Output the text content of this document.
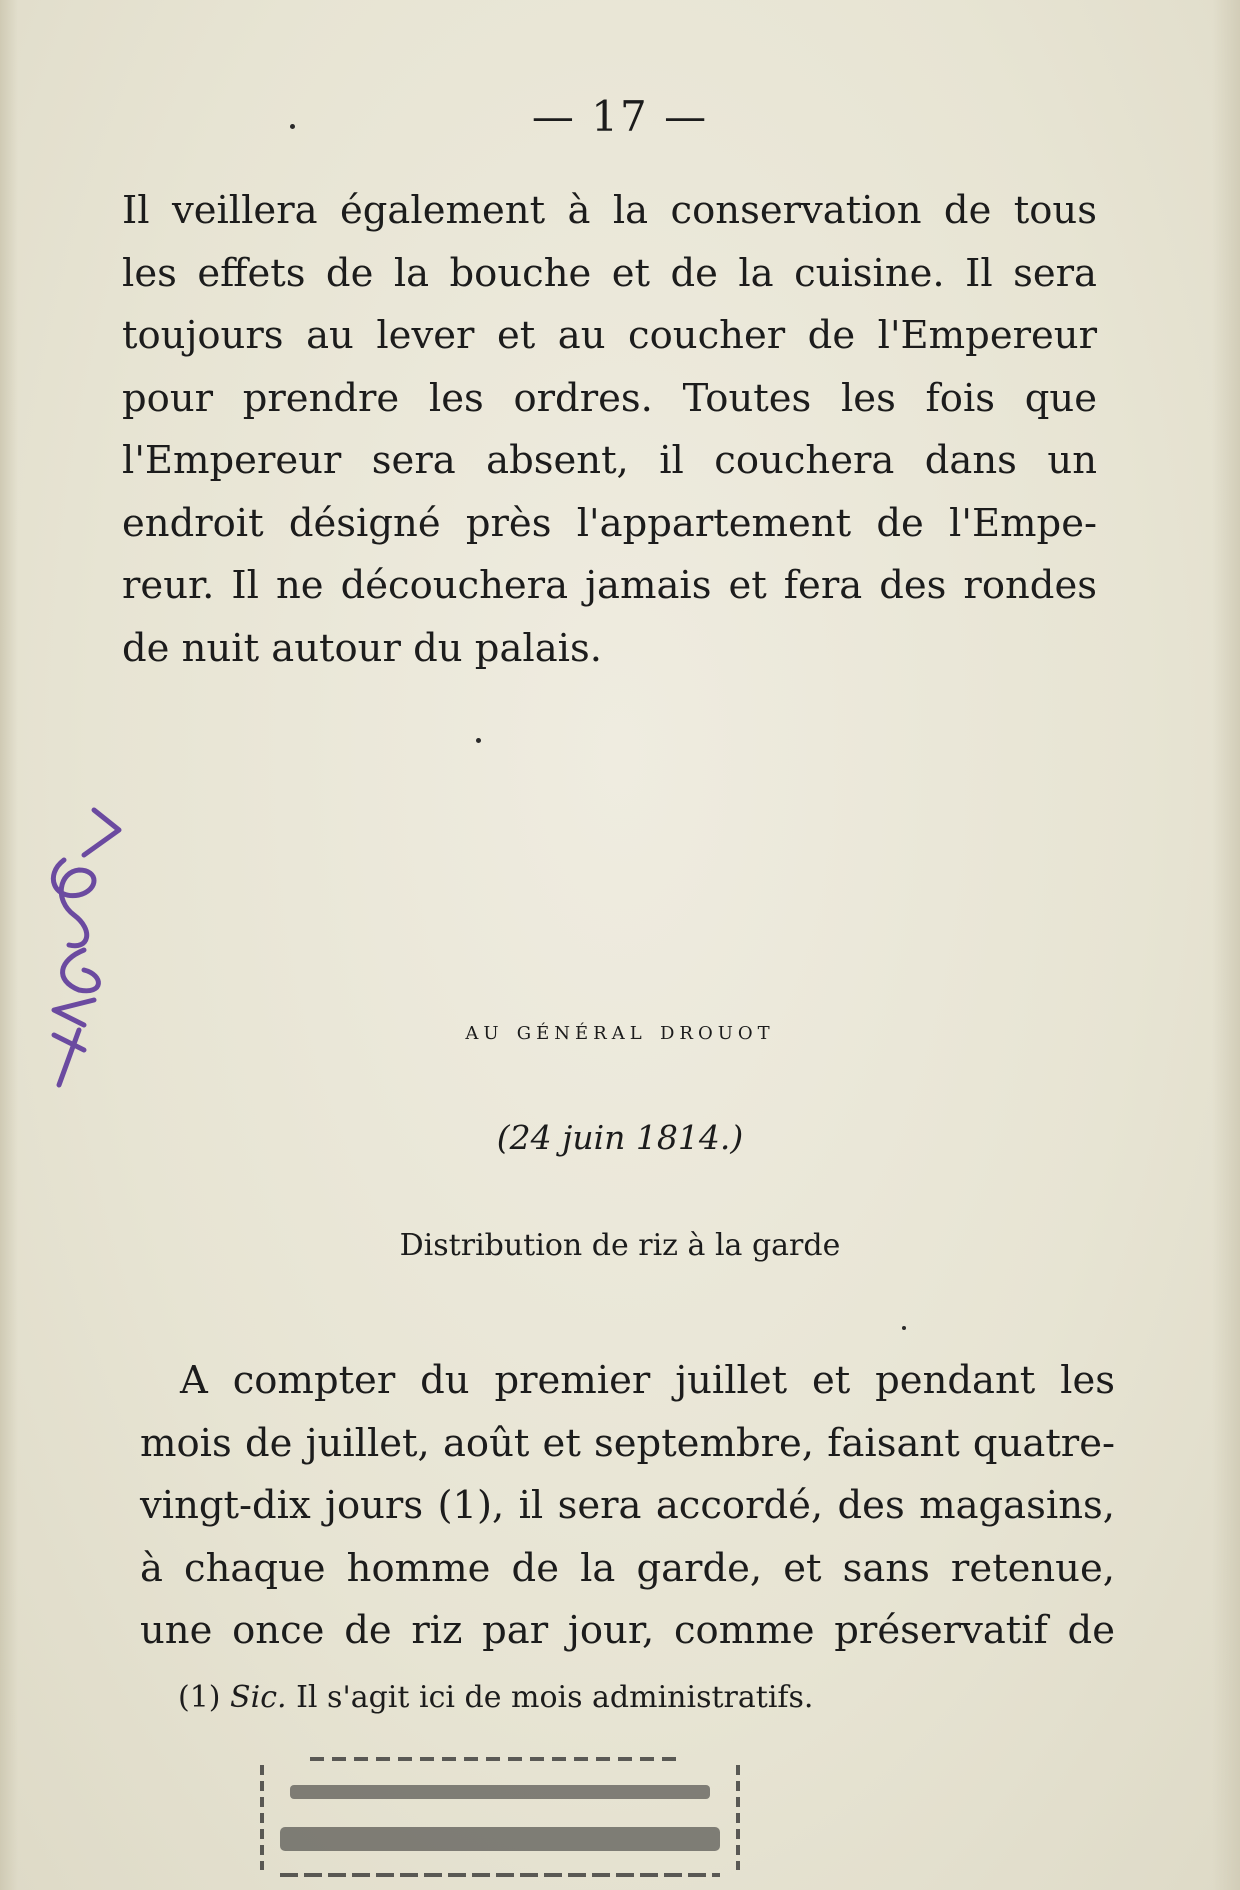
— 17 —

Il veillera également à la conservation de tous
les effets de la bouche et de la cuisine. Il sera
toujours au lever et au coucher de l'Empereur
pour prendre les ordres. Toutes les fois que
l'Empereur sera absent, il couchera dans un
endroit désigné près l'appartement de l'Empe-
reur. Il ne découchera jamais et fera des rondes
de nuit autour du palais.

au général drouot
(24 juin 1814.)
Distribution de riz à la garde

A compter du premier juillet et pendant les
mois de juillet, août et septembre, faisant quatre-
vingt-dix jours (1), il sera accordé, des magasins,
à chaque homme de la garde, et sans retenue,
une once de riz par jour, comme préservatif de

(1) Sic. Il s'agit ici de mois administratifs.
